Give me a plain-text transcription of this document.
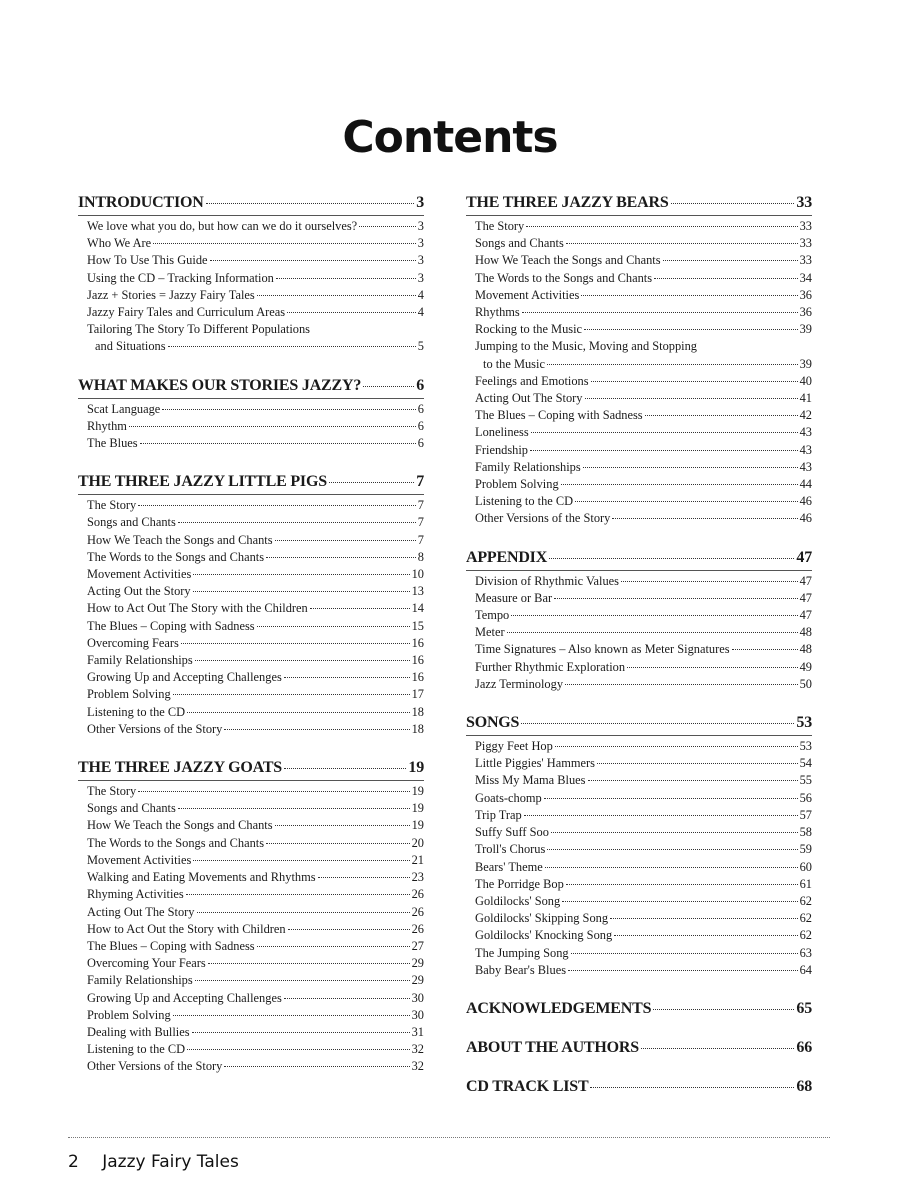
Contents
INTRODUCTION	3
We love what you do, but how can we do it ourselves?	3
Who We Are	3
How To Use This Guide	3
Using the CD – Tracking Information	3
Jazz + Stories = Jazzy Fairy Tales	4
Jazzy Fairy Tales and Curriculum Areas	4
Tailoring The Story To Different Populations
and Situations	5
WHAT MAKES OUR STORIES JAZZY?	6
Scat Language	6
Rhythm	6
The Blues	6
THE THREE JAZZY LITTLE PIGS	7
The Story	7
Songs and Chants	7
How We Teach the Songs and Chants	7
The Words to the Songs and Chants	8
Movement Activities	10
Acting Out the Story	13
How to Act Out The Story with the Children	14
The Blues – Coping with Sadness	15
Overcoming Fears	16
Family Relationships	16
Growing Up and Accepting Challenges	16
Problem Solving	17
Listening to the CD	18
Other Versions of the Story	18
THE THREE JAZZY GOATS	19
The Story	19
Songs and Chants	19
How We Teach the Songs and Chants	19
The Words to the Songs and Chants	20
Movement Activities	21
Walking and Eating Movements and Rhythms	23
Rhyming Activities	26
Acting Out The Story	26
How to Act Out the Story with Children	26
The Blues – Coping with Sadness	27
Overcoming Your Fears	29
Family Relationships	29
Growing Up and Accepting Challenges	30
Problem Solving	30
Dealing with Bullies	31
Listening to the CD	32
Other Versions of the Story	32
THE THREE JAZZY BEARS	33
The Story	33
Songs and Chants	33
How We Teach the Songs and Chants	33
The Words to the Songs and Chants	34
Movement Activities	36
Rhythms	36
Rocking to the Music	39
Jumping to the Music, Moving and Stopping
to the Music	39
Feelings and Emotions	40
Acting Out The Story	41
The Blues – Coping with Sadness	42
Loneliness	43
Friendship	43
Family Relationships	43
Problem Solving	44
Listening to the CD	46
Other Versions of the Story	46
APPENDIX	47
Division of Rhythmic Values	47
Measure or Bar	47
Tempo	47
Meter	48
Time Signatures – Also known as Meter Signatures	48
Further Rhythmic Exploration	49
Jazz Terminology	50
SONGS	53
Piggy Feet Hop	53
Little Piggies' Hammers	54
Miss My Mama Blues	55
Goats-chomp	56
Trip Trap	57
Suffy Suff Soo	58
Troll's Chorus	59
Bears' Theme	60
The Porridge Bop	61
Goldilocks' Song	62
Goldilocks' Skipping Song	62
Goldilocks' Knocking Song	62
The Jumping Song	63
Baby Bear's Blues	64
ACKNOWLEDGEMENTS	65
ABOUT THE AUTHORS	66
CD TRACK LIST	68
2 Jazzy Fairy Tales
